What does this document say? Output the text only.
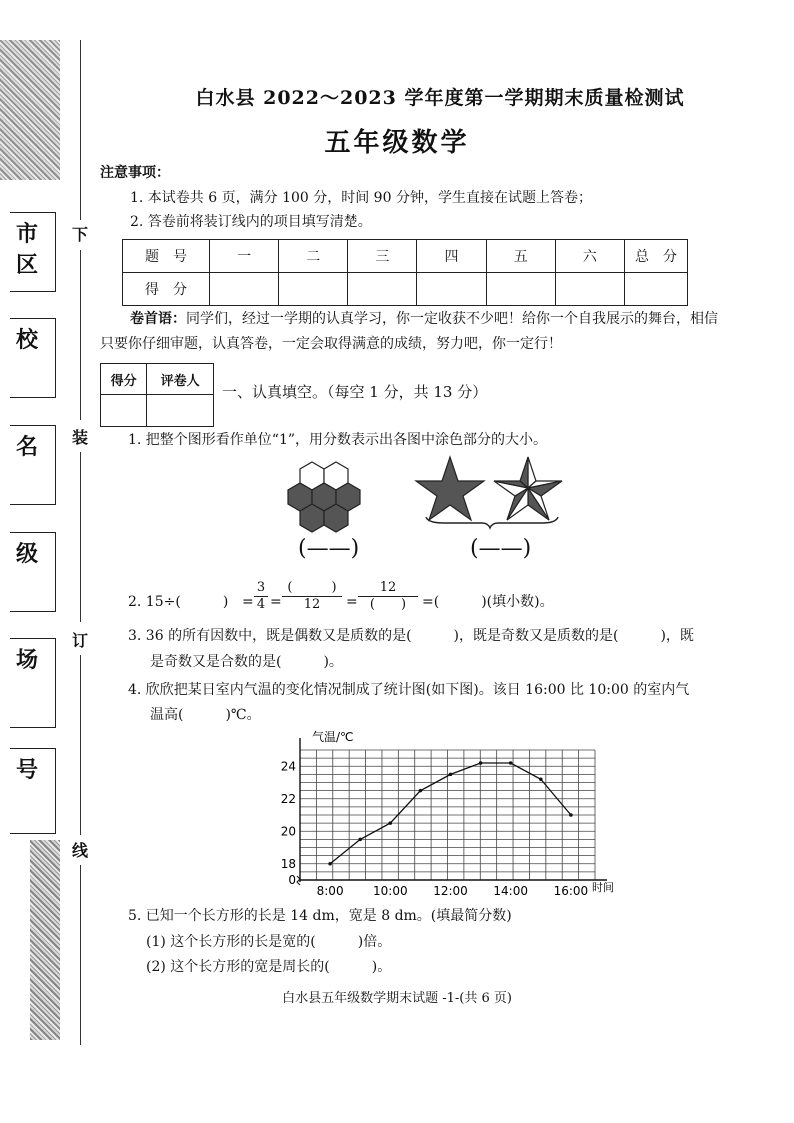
市区
校
名
级
场
号
下
装
订
线
白水县 2022～2023 学年度第一学期期末质量检测试
五年级数学
注意事项：
1. 本试卷共 6 页，满分 100 分，时间 90 分钟，学生直接在试题上答卷；
2. 答卷前将装订线内的项目填写清楚。
题　号	一	二	三	四	五	六	总　分
得　分							
卷首语：同学们，经过一学期的认真学习，你一定收获不少吧！给你一个自我展示的舞台，相信
只要你仔细审题，认真答卷，一定会取得满意的成绩，努力吧，你一定行！
得分	评卷人

一、认真填空。（每空 1 分，共 13 分）
1. 把整个图形看作单位“1”，用分数表示出各图中涂色部分的大小。
(——)	(——)
2. 15÷(　　　) = $\frac{3}{4}$ =
(　　　)
12	=
12
(　　)	=(　　　)(填小数)。
3. 36 的所有因数中，既是偶数又是质数的是(　　　)，既是奇数又是质数的是(　　　)，既
是奇数又是合数的是(　　　)。
4. 欣欣把某日室内气温的变化情况制成了统计图(如下图)。该日 16:00 比 10:00 的室内气
温高(　　　)℃。
0
18
20
22
24
8:00 10:00 12:00 14:00 16:00
气温/℃
时间
5. 已知一个长方形的长是 14 dm，宽是 8 dm。(填最简分数)
(1) 这个长方形的长是宽的(　　　)倍。
(2) 这个长方形的宽是周长的(　　　)。
白水县五年级数学期末试题 -1-(共 6 页)
